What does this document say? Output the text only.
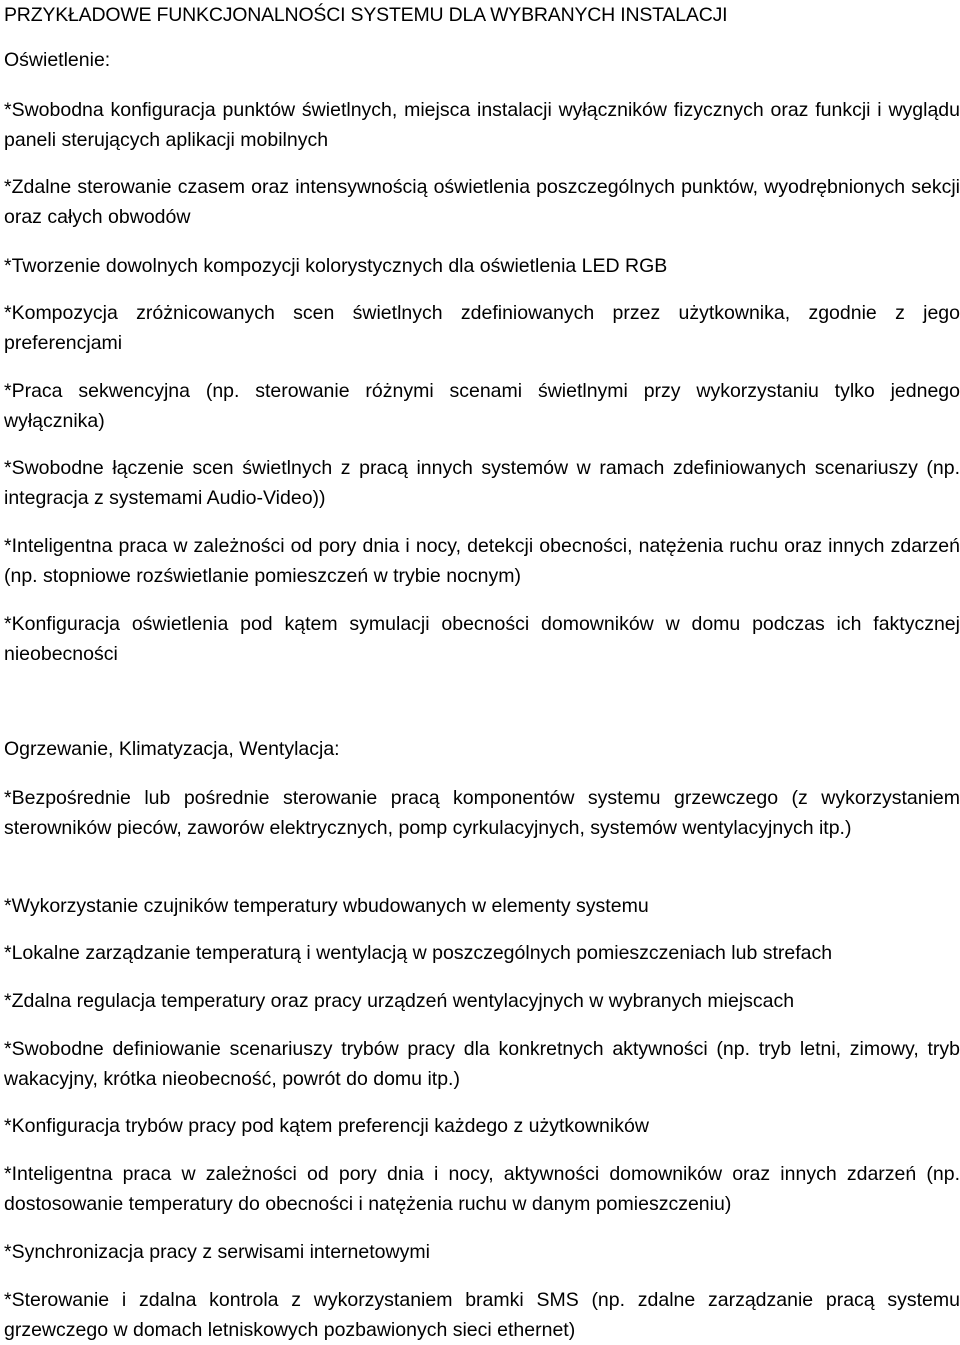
PRZYKŁADOWE FUNKCJONALNOŚCI SYSTEMU DLA WYBRANYCH INSTALACJI
Oświetlenie:
*Swobodna konfiguracja punktów świetlnych, miejsca instalacji wyłączników fizycznych oraz funkcji i wyglądu paneli sterujących aplikacji mobilnych
*Zdalne sterowanie czasem oraz intensywnością oświetlenia poszczególnych punktów, wyodrębnionych sekcji oraz całych obwodów
*Tworzenie dowolnych kompozycji kolorystycznych dla oświetlenia LED RGB
*Kompozycja zróżnicowanych scen świetlnych zdefiniowanych przez użytkownika, zgodnie z jego preferencjami
*Praca sekwencyjna (np. sterowanie różnymi scenami świetlnymi przy wykorzystaniu tylko jednego wyłącznika)
*Swobodne łączenie scen świetlnych z pracą innych systemów w ramach zdefiniowanych scenariuszy (np. integracja z systemami Audio-Video))
*Inteligentna praca w zależności od pory dnia i nocy, detekcji obecności, natężenia ruchu oraz innych zdarzeń (np. stopniowe rozświetlanie pomieszczeń w trybie nocnym)
*Konfiguracja oświetlenia pod kątem symulacji obecności domowników w domu podczas ich faktycznej nieobecności
Ogrzewanie, Klimatyzacja, Wentylacja:
*Bezpośrednie lub pośrednie sterowanie pracą komponentów systemu grzewczego (z wykorzystaniem sterowników pieców, zaworów elektrycznych, pomp cyrkulacyjnych, systemów wentylacyjnych itp.)
*Wykorzystanie czujników temperatury wbudowanych w elementy systemu
*Lokalne zarządzanie temperaturą i wentylacją w poszczególnych pomieszczeniach lub strefach
*Zdalna regulacja temperatury oraz pracy urządzeń wentylacyjnych w wybranych miejscach
*Swobodne definiowanie scenariuszy trybów pracy dla konkretnych aktywności (np. tryb letni, zimowy, tryb wakacyjny, krótka nieobecność, powrót do domu itp.)
*Konfiguracja trybów pracy pod kątem preferencji każdego z użytkowników
*Inteligentna praca w zależności od pory dnia i nocy, aktywności domowników oraz innych zdarzeń (np. dostosowanie temperatury do obecności i natężenia ruchu w danym pomieszczeniu)
*Synchronizacja pracy z serwisami internetowymi
*Sterowanie i zdalna kontrola z wykorzystaniem bramki SMS (np. zdalne zarządzanie pracą systemu grzewczego w domach letniskowych pozbawionych sieci ethernet)
